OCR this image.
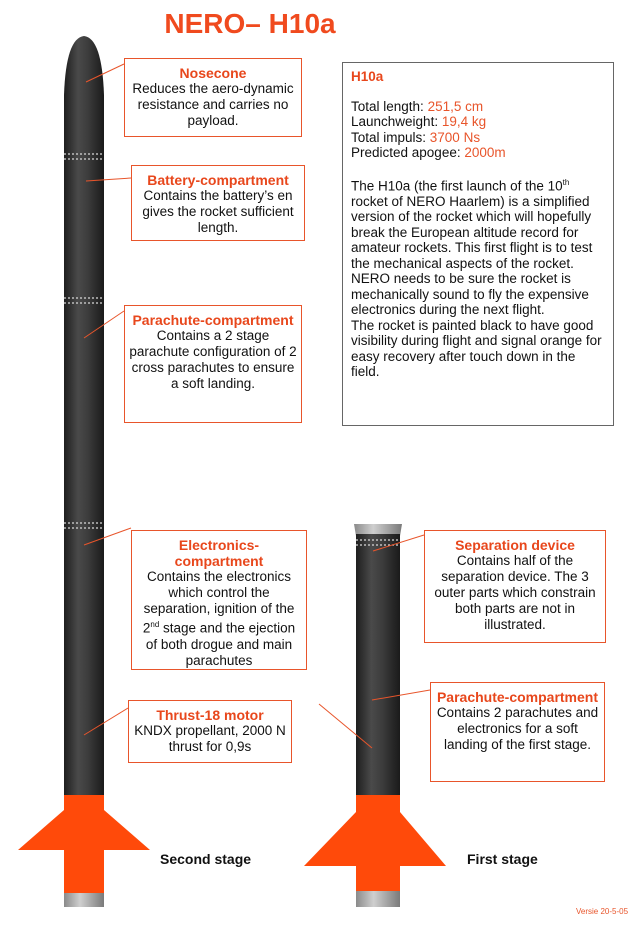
NERO– H10a
Nosecone
Reduces the aero-dynamic resistance and carries no payload.
Battery-compartment
Contains the battery’s en gives the rocket sufficient length.
Parachute-compartment
Contains a 2 stage parachute configuration of 2 cross parachutes to ensure a soft landing.
Electronics-compartment
Contains the electronics which control the separation, ignition of the 2nd stage and the ejection of both drogue and main parachutes
Thrust-18 motor
KNDX propellant, 2000 N thrust for 0,9s
Separation device
Contains half of the separation device. The 3 outer parts which constrain both parts are not in illustrated.
Parachute-compartment
Contains 2 parachutes and electronics for a soft landing of the first stage.
H10a
Total length: 251,5 cm
Launchweight: 19,4 kg
Total impuls: 3700 Ns
Predicted apogee: 2000m

The H10a (the first launch of the 10th rocket of NERO Haarlem) is a simplified version of the rocket which will hopefully break the European altitude record for amateur rockets. This first flight is to test the mechanical aspects of the rocket. NERO needs to be sure the rocket is mechanically sound to fly the expensive electronics during the next flight.

The rocket is painted black to have good visibility during flight and signal orange for easy recovery after touch down in the field.

Second stage	First stage
Versie 20-5-05
